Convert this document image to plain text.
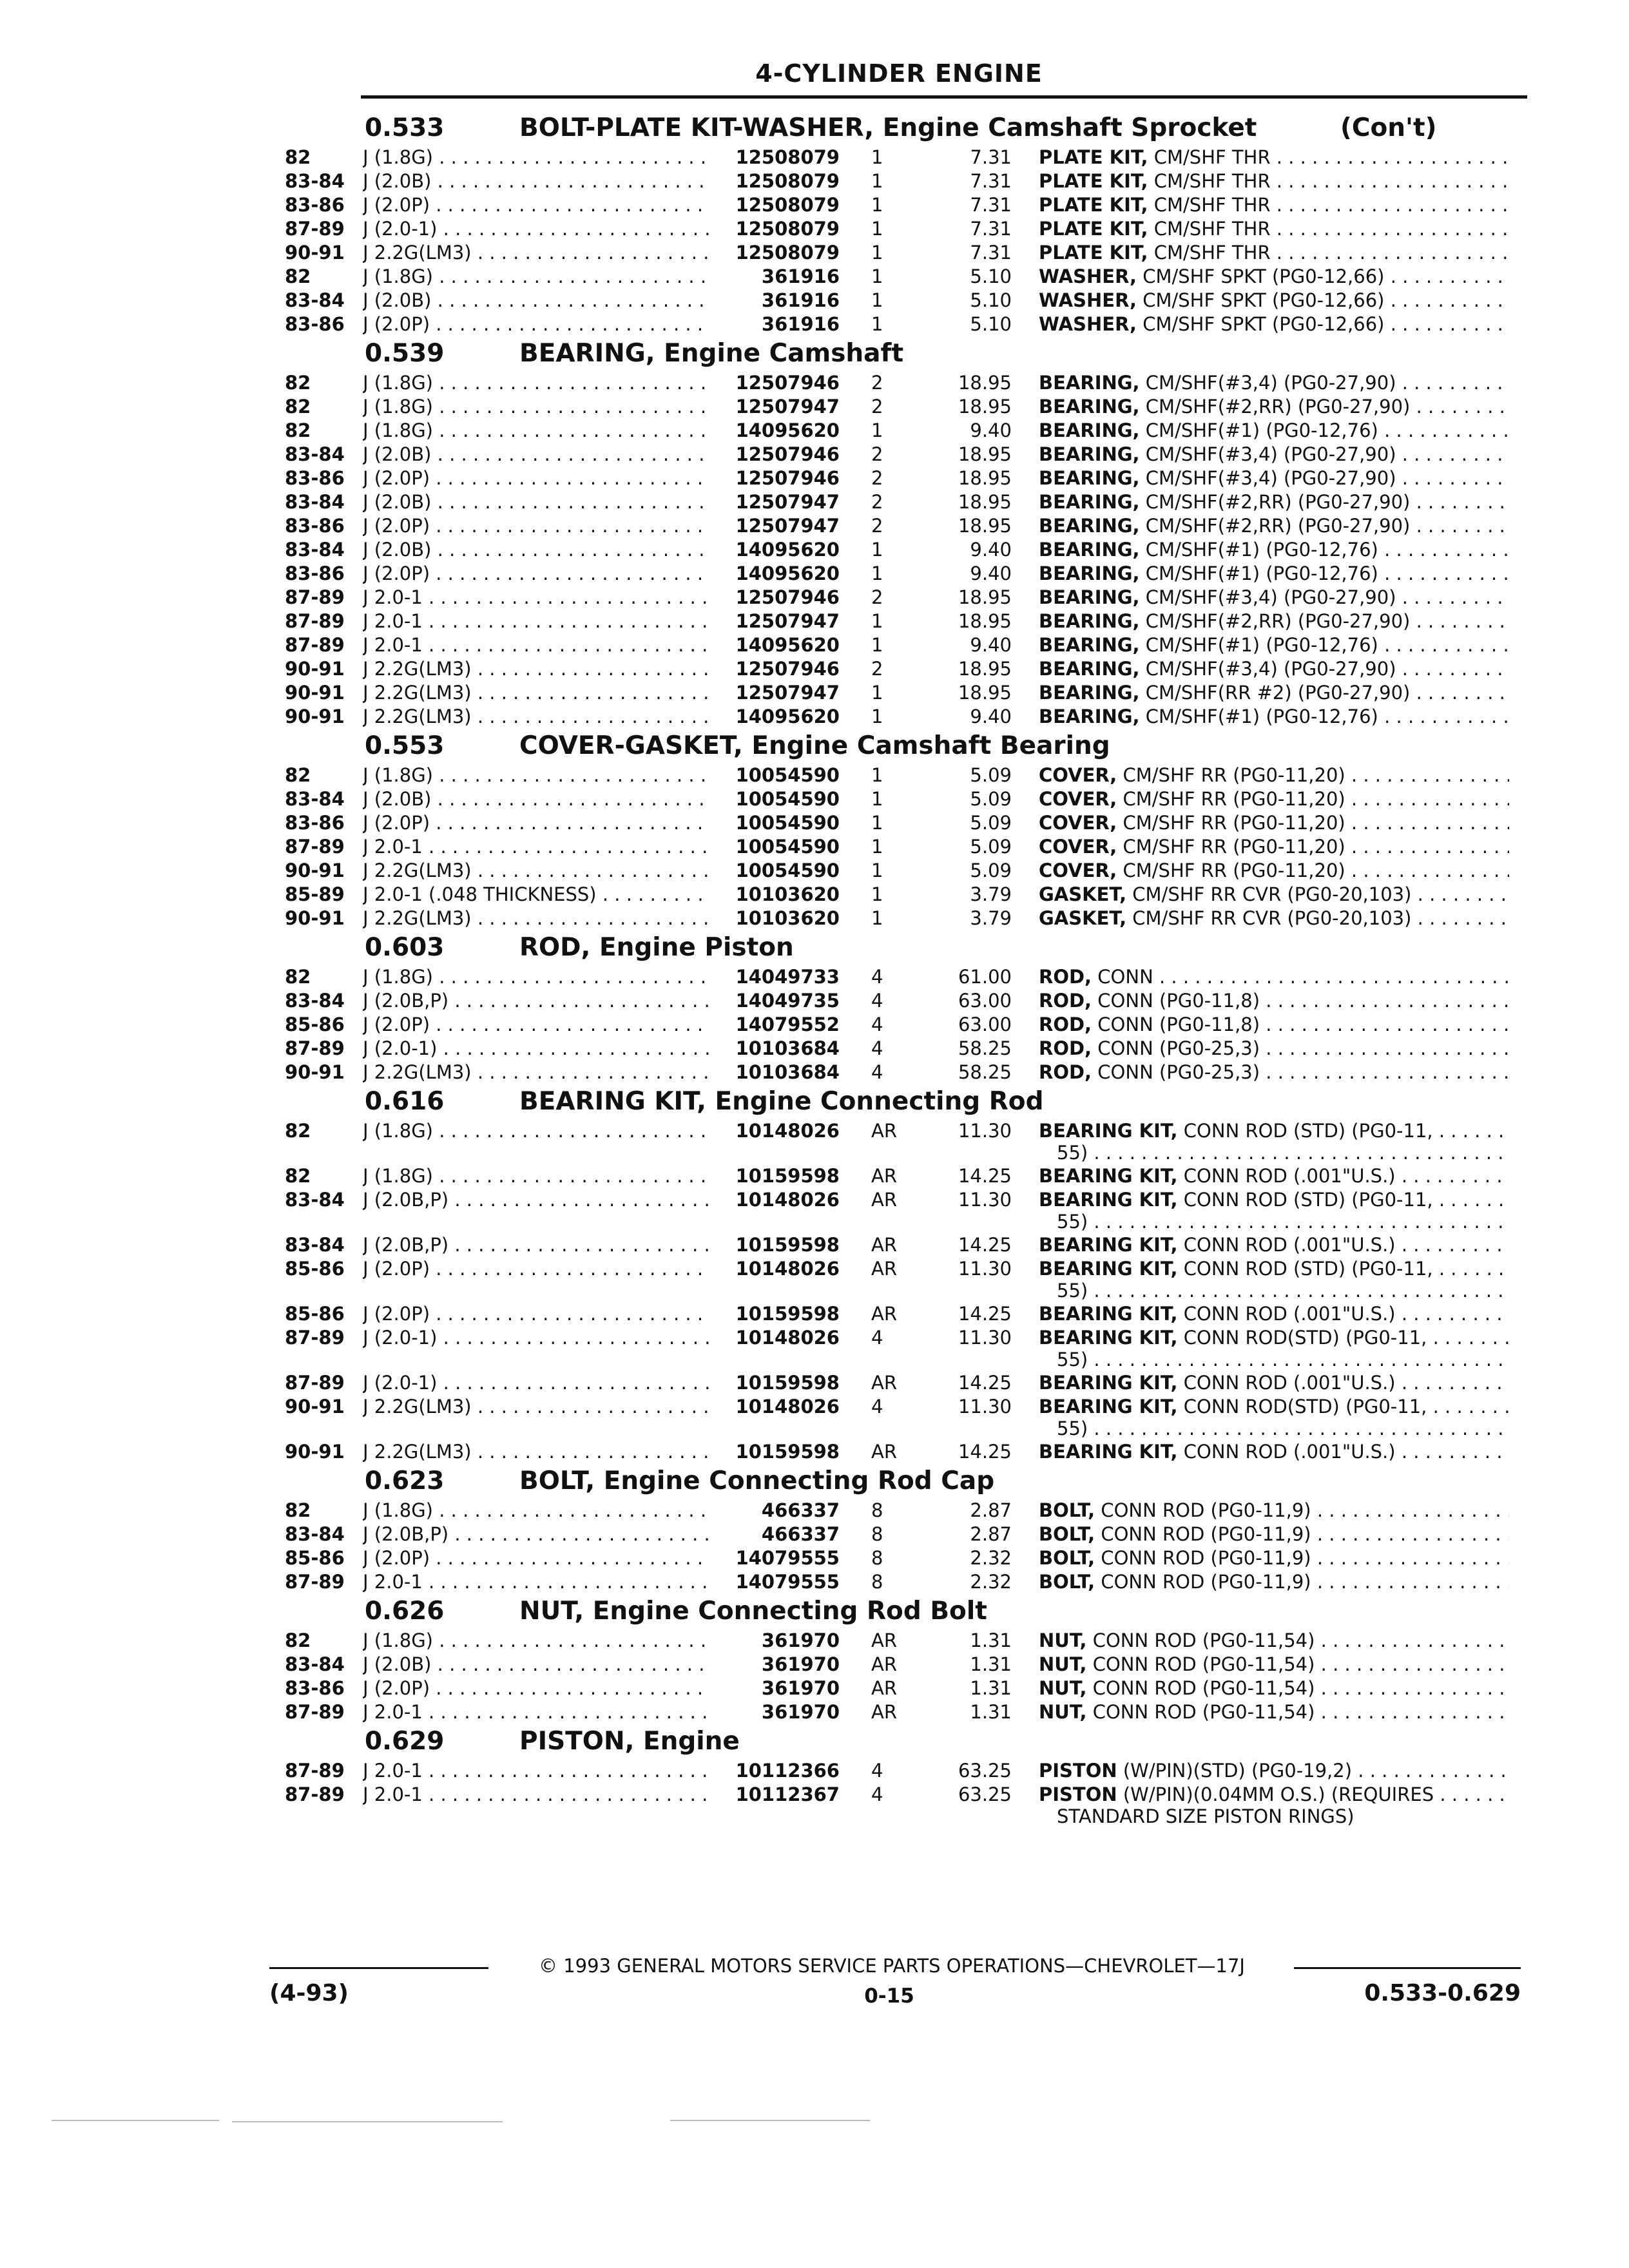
4-CYLINDER ENGINE
0.533	BOLT-PLATE KIT-WASHER, Engine Camshaft Sprocket	(Con't)
82	J (1.8G) . . .	12508079 1	7.31 PLATE KIT, CM/SHF THR . . .
83-84 J (2.0B) . . .	12508079 1	7.31 PLATE KIT, CM/SHF THR . . .
83-86 J (2.0P) . . .	12508079 1	7.31 PLATE KIT, CM/SHF THR . . .
87-89 J (2.0-1) . . .	12508079 1	7.31 PLATE KIT, CM/SHF THR . . .
90-91 J 2.2G(LM3) . . .	12508079 1	7.31 PLATE KIT, CM/SHF THR . . .
82	J (1.8G) . . .	361916 1	5.10 WASHER, CM/SHF SPKT (PG0-12,66) . . .
83-84 J (2.0B) . . .	361916 1	5.10 WASHER, CM/SHF SPKT (PG0-12,66) . . .
83-86 J (2.0P) . . .	361916 1	5.10 WASHER, CM/SHF SPKT (PG0-12,66) . . .
0.539	BEARING, Engine Camshaft
82	J (1.8G) . . .	12507946 2	18.95 BEARING, CM/SHF(#3,4) (PG0-27,90) . . .
82	J (1.8G) . . .	12507947 2	18.95 BEARING, CM/SHF(#2,RR) (PG0-27,90) . . .
82	J (1.8G) . . .	14095620 1	9.40 BEARING, CM/SHF(#1) (PG0-12,76) . . .
83-84 J (2.0B) . . .	12507946 2	18.95 BEARING, CM/SHF(#3,4) (PG0-27,90) . . .
83-86 J (2.0P) . . .	12507946 2	18.95 BEARING, CM/SHF(#3,4) (PG0-27,90) . . .
83-84 J (2.0B) . . .	12507947 2	18.95 BEARING, CM/SHF(#2,RR) (PG0-27,90) . . .
83-86 J (2.0P) . . .	12507947 2	18.95 BEARING, CM/SHF(#2,RR) (PG0-27,90) . . .
83-84 J (2.0B) . . .	14095620 1	9.40 BEARING, CM/SHF(#1) (PG0-12,76) . . .
83-86 J (2.0P) . . .	14095620 1	9.40 BEARING, CM/SHF(#1) (PG0-12,76) . . .
87-89 J 2.0-1 . . .	12507946 2	18.95 BEARING, CM/SHF(#3,4) (PG0-27,90) . . .
87-89 J 2.0-1 . . .	12507947 1	18.95 BEARING, CM/SHF(#2,RR) (PG0-27,90) . . .
87-89 J 2.0-1 . . .	14095620 1	9.40 BEARING, CM/SHF(#1) (PG0-12,76) . . .
90-91 J 2.2G(LM3) . . .	12507946 2	18.95 BEARING, CM/SHF(#3,4) (PG0-27,90) . . .
90-91 J 2.2G(LM3) . . .	12507947 1	18.95 BEARING, CM/SHF(RR #2) (PG0-27,90) . . .
90-91 J 2.2G(LM3) . . .	14095620 1	9.40 BEARING, CM/SHF(#1) (PG0-12,76) . . .
0.553	COVER-GASKET, Engine Camshaft Bearing
82	J (1.8G) . . .	10054590 1	5.09 COVER, CM/SHF RR (PG0-11,20) . . .
83-84 J (2.0B) . . .	10054590 1	5.09 COVER, CM/SHF RR (PG0-11,20) . . .
83-86 J (2.0P) . . .	10054590 1	5.09 COVER, CM/SHF RR (PG0-11,20) . . .
87-89 J 2.0-1 . . .	10054590 1	5.09 COVER, CM/SHF RR (PG0-11,20) . . .
90-91 J 2.2G(LM3) . . .	10054590 1	5.09 COVER, CM/SHF RR (PG0-11,20) . . .
85-89 J 2.0-1 (.048 THICKNESS) . . .	10103620 1	3.79 GASKET, CM/SHF RR CVR (PG0-20,103) . . .
90-91 J 2.2G(LM3) . . .	10103620 1	3.79 GASKET, CM/SHF RR CVR (PG0-20,103) . . .
0.603	ROD, Engine Piston
82	J (1.8G) . . .	14049733 4	61.00 ROD, CONN . . .
83-84 J (2.0B,P) . . .	14049735 4	63.00 ROD, CONN (PG0-11,8) . . .
85-86 J (2.0P) . . .	14079552 4	63.00 ROD, CONN (PG0-11,8) . . .
87-89 J (2.0-1) . . .	10103684 4	58.25 ROD, CONN (PG0-25,3) . . .
90-91 J 2.2G(LM3) . . .	10103684 4	58.25 ROD, CONN (PG0-25,3) . . .
0.616	BEARING KIT, Engine Connecting Rod
82	J (1.8G) . . .	10148026 AR	11.30 BEARING KIT, CONN ROD (STD) (PG0-11, . . .
55) . . .
82	J (1.8G) . . .	10159598 AR	14.25 BEARING KIT, CONN ROD (.001"U.S.) . . .
83-84 J (2.0B,P) . . .	10148026 AR	11.30 BEARING KIT, CONN ROD (STD) (PG0-11, . . .
55) . . .
83-84 J (2.0B,P) . . .	10159598 AR	14.25 BEARING KIT, CONN ROD (.001"U.S.) . . .
85-86 J (2.0P) . . .	10148026 AR	11.30 BEARING KIT, CONN ROD (STD) (PG0-11, . . .
55) . . .
85-86 J (2.0P) . . .	10159598 AR	14.25 BEARING KIT, CONN ROD (.001"U.S.) . . .
87-89 J (2.0-1) . . .	10148026 4	11.30 BEARING KIT, CONN ROD(STD) (PG0-11, . . .
55) . . .
87-89 J (2.0-1) . . .	10159598 AR	14.25 BEARING KIT, CONN ROD (.001"U.S.) . . .
90-91 J 2.2G(LM3) . . .	10148026 4	11.30 BEARING KIT, CONN ROD(STD) (PG0-11, . . .
55) . . .
90-91 J 2.2G(LM3) . . .	10159598 AR	14.25 BEARING KIT, CONN ROD (.001"U.S.) . . .
0.623	BOLT, Engine Connecting Rod Cap
82	J (1.8G) . . .	466337 8	2.87 BOLT, CONN ROD (PG0-11,9) . . .
83-84 J (2.0B,P) . . .	466337 8	2.87 BOLT, CONN ROD (PG0-11,9) . . .
85-86 J (2.0P) . . .	14079555 8	2.32 BOLT, CONN ROD (PG0-11,9) . . .
87-89 J 2.0-1 . . .	14079555 8	2.32 BOLT, CONN ROD (PG0-11,9) . . .
0.626	NUT, Engine Connecting Rod Bolt
82	J (1.8G) . . .	361970 AR	1.31 NUT, CONN ROD (PG0-11,54) . . .
83-84 J (2.0B) . . .	361970 AR	1.31 NUT, CONN ROD (PG0-11,54) . . .
83-86 J (2.0P) . . .	361970 AR	1.31 NUT, CONN ROD (PG0-11,54) . . .
87-89 J 2.0-1 . . .	361970 AR	1.31 NUT, CONN ROD (PG0-11,54) . . .
0.629	PISTON, Engine
87-89 J 2.0-1 . . .	10112366 4	63.25 PISTON (W/PIN)(STD) (PG0-19,2) . . .
87-89 J 2.0-1 . . .	10112367 4	63.25 PISTON (W/PIN)(0.04MM O.S.) (REQUIRES . . .
STANDARD SIZE PISTON RINGS)
© 1993 GENERAL MOTORS SERVICE PARTS OPERATIONS—CHEVROLET—17J
(4-93)	0-15	0.533-0.629
